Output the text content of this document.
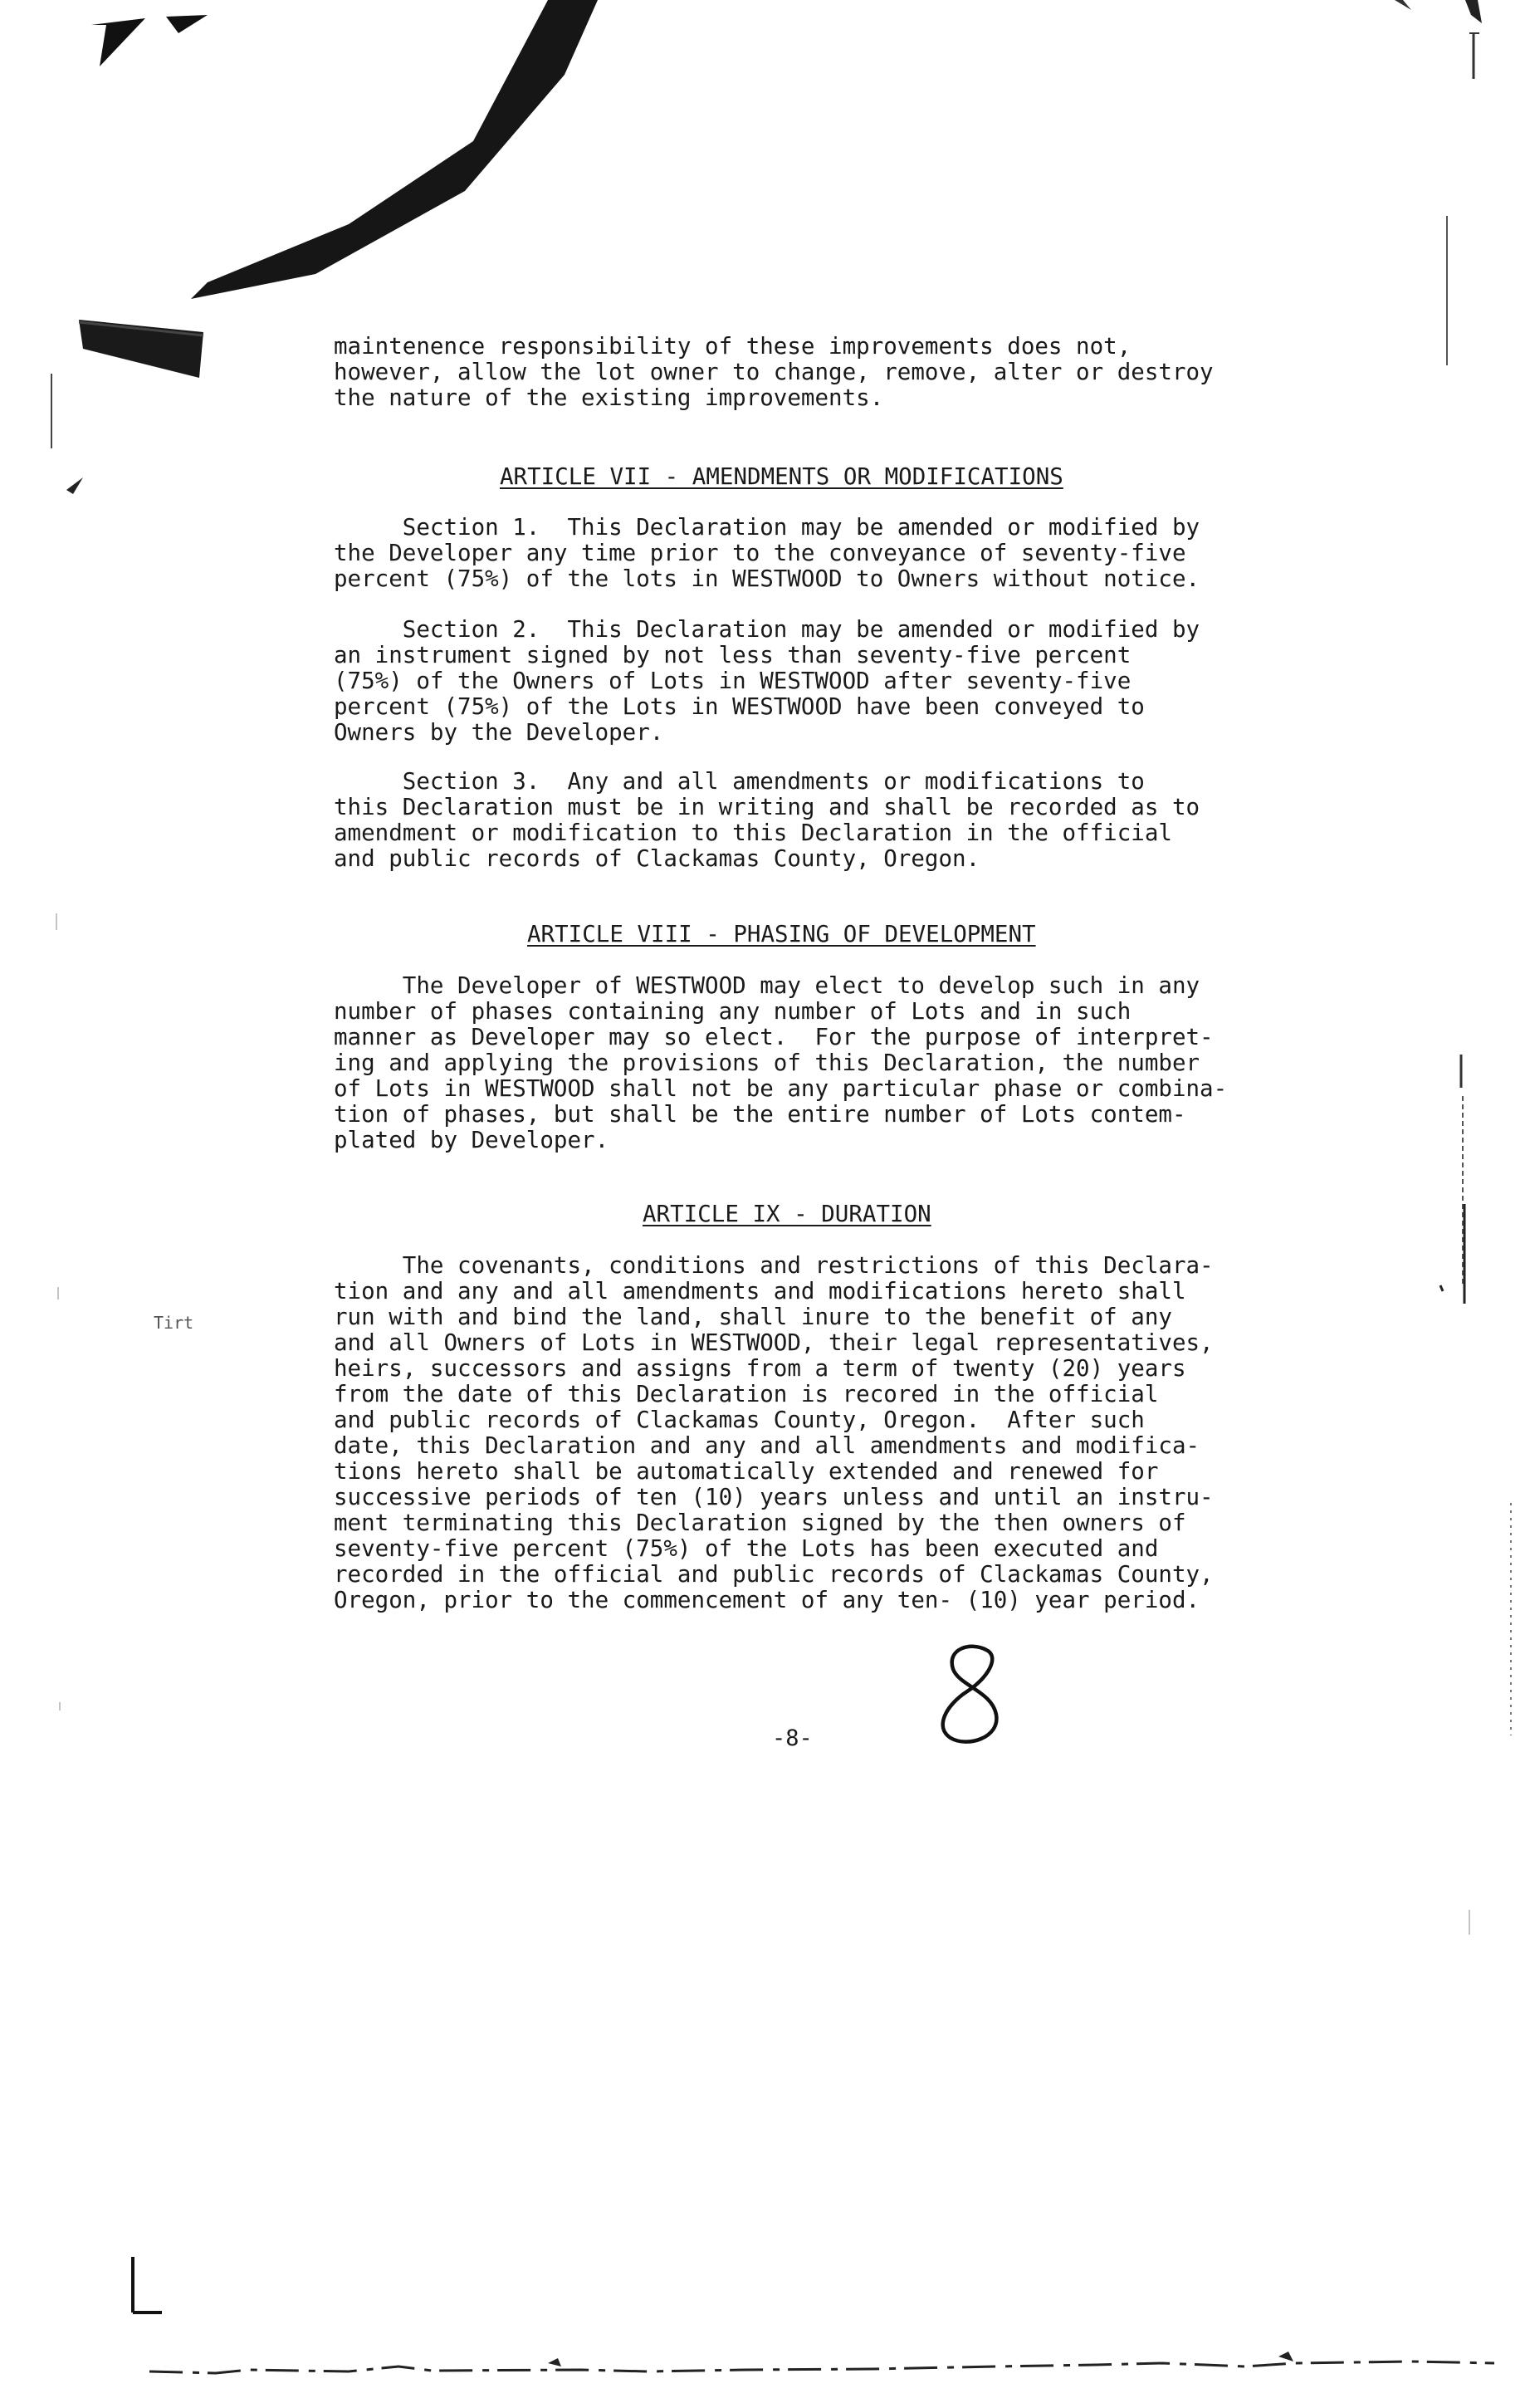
Tirt
maintenence responsibility of these improvements does not,
however, allow the lot owner to change, remove, alter or destroy
the nature of the existing improvements.
ARTICLE VII - AMENDMENTS OR MODIFICATIONS
Section 1.  This Declaration may be amended or modified by
the Developer any time prior to the conveyance of seventy-five
percent (75%) of the lots in WESTWOOD to Owners without notice.
Section 2.  This Declaration may be amended or modified by
an instrument signed by not less than seventy-five percent
(75%) of the Owners of Lots in WESTWOOD after seventy-five
percent (75%) of the Lots in WESTWOOD have been conveyed to
Owners by the Developer.
Section 3.  Any and all amendments or modifications to
this Declaration must be in writing and shall be recorded as to
amendment or modification to this Declaration in the official
and public records of Clackamas County, Oregon.
ARTICLE VIII - PHASING OF DEVELOPMENT
The Developer of WESTWOOD may elect to develop such in any
number of phases containing any number of Lots and in such
manner as Developer may so elect.  For the purpose of interpret-
ing and applying the provisions of this Declaration, the number
of Lots in WESTWOOD shall not be any particular phase or combina-
tion of phases, but shall be the entire number of Lots contem-
plated by Developer.
ARTICLE IX - DURATION
The covenants, conditions and restrictions of this Declara-
tion and any and all amendments and modifications hereto shall
run with and bind the land, shall inure to the benefit of any
and all Owners of Lots in WESTWOOD, their legal representatives,
heirs, successors and assigns from a term of twenty (20) years
from the date of this Declaration is recored in the official
and public records of Clackamas County, Oregon.  After such
date, this Declaration and any and all amendments and modifica-
tions hereto shall be automatically extended and renewed for
successive periods of ten (10) years unless and until an instru-
ment terminating this Declaration signed by the then owners of
seventy-five percent (75%) of the Lots has been executed and
recorded in the official and public records of Clackamas County,
Oregon, prior to the commencement of any ten- (10) year period.
-8-
